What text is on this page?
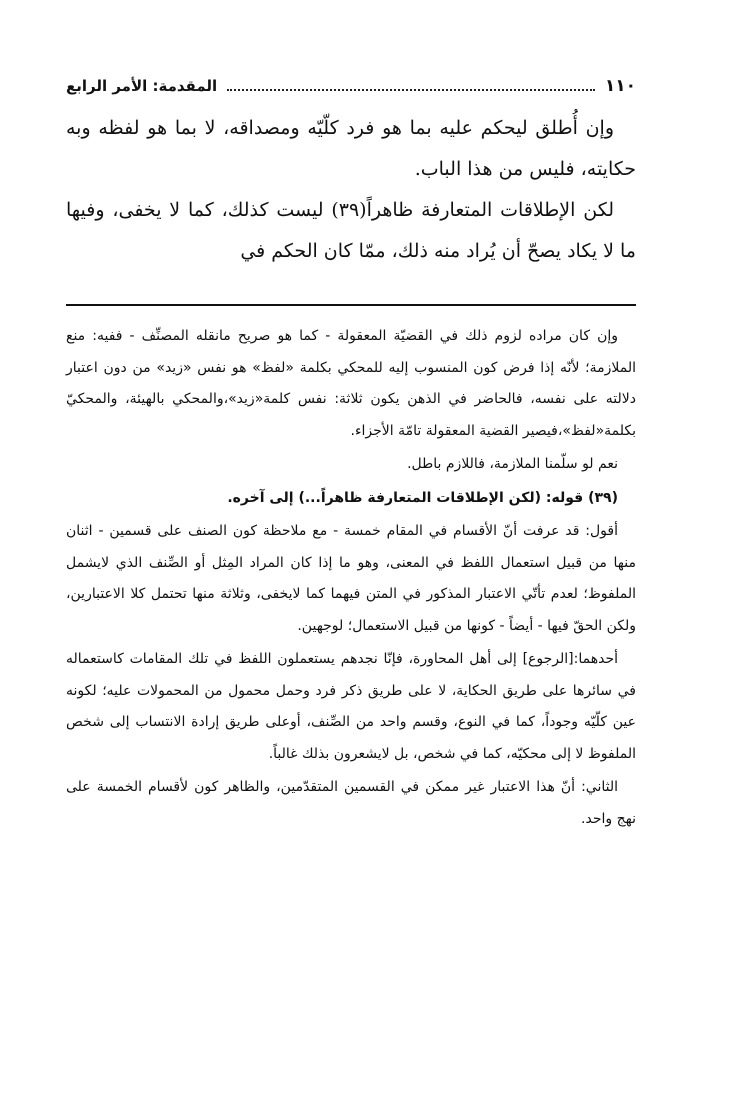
١١٠
المقدمة: الأمر الرابع

وإن أُطلق ليحكم عليه بما هو فرد كلّيّه ومصداقه، لا بما هو لفظه وبه حكايته، فليس من هذا الباب.

لكن الإطلاقات المتعارفة ظاهراً(٣٩) ليست كذلك، كما لا يخفى، وفيها ما لا يكاد يصحّ أن يُراد منه ذلك، ممّا كان الحكم في

وإن كان مراده لزوم ذلك في القضيّة المعقولة - كما هو صريح مانقله المصنِّف - ففيه: منع الملازمة؛ لأنّه إذا فرض كون المنسوب إليه للمحكي بكلمة «لفظ» هو نفس «زيد» من دون اعتبار دلالته على نفسه، فالحاضر في الذهن يكون ثلاثة: نفس كلمة«زيد»،والمحكي بالهيئة، والمحكيّ بكلمة«لفظ»،فيصير القضية المعقولة تامّة الأجزاء.

نعم لو سلّمنا الملازمة، فاللازم باطل.

(٣٩) قوله: (لكن الإطلاقات المتعارفة ظاهراً...) إلى آخره.

أقول: قد عرفت أنّ الأقسام في المقام خمسة - مع ملاحظة كون الصنف على قسمين - اثنان منها من قبيل استعمال اللفظ في المعنى، وهو ما إذا كان المراد المِثل أو الصِّنف الذي لايشمل الملفوظ؛ لعدم تأتّي الاعتبار المذكور في المتن فيهما كما لايخفى، وثلاثة منها تحتمل كلا الاعتبارين، ولكن الحقّ فيها - أيضاً - كونها من قبيل الاستعمال؛ لوجهين.

أحدهما:[الرجوع] إلى أهل المحاورة، فإنّا نجدهم يستعملون اللفظ في تلك المقامات كاستعماله في سائرها على طريق الحكاية، لا على طريق ذكر فرد وحمل محمول من المحمولات عليه؛ لكونه عين كلّيّه وجوداً، كما في النوع، وقسم واحد من الصِّنف، أوعلى طريق إرادة الانتساب إلى شخص الملفوظ لا إلى محكيّه، كما في شخص، بل لايشعرون بذلك غالباً.

الثاني: أنّ هذا الاعتبار غير ممكن في القسمين المتقدّمين، والظاهر كون لأقسام الخمسة على نهج واحد.
